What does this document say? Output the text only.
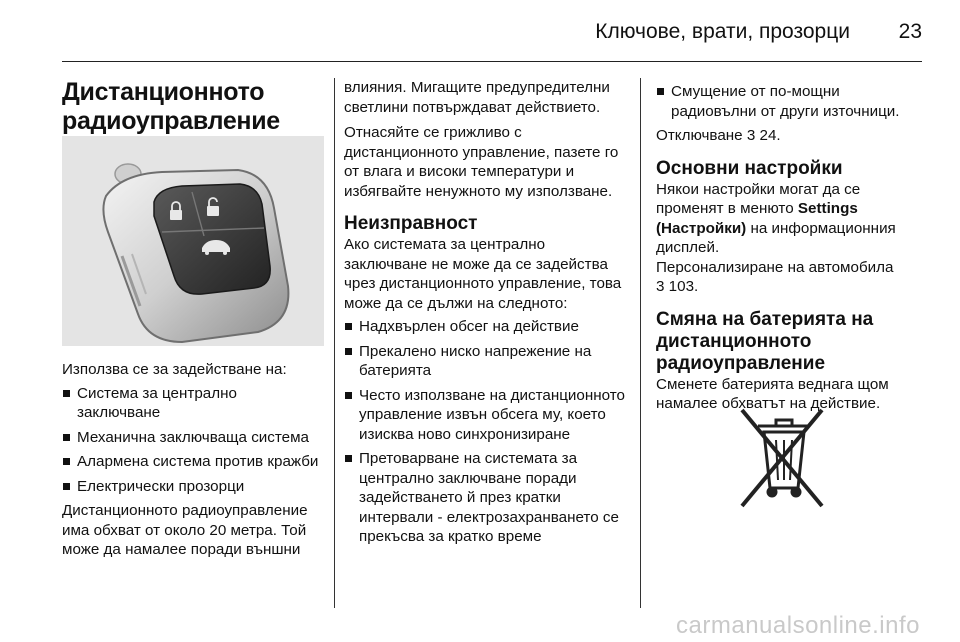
Ключове, врати, прозорци 23
Дистанционното радиоуправление

Използва се за задействане на:

Система за централно заключване
Механична заключваща система
Алармена система против кражби
Електрически прозорци

Дистанционното радиоуправление има обхват от около 20 метра. Той може да намалее поради външни

влияния. Мигащите предупредителни светлини потвърждават действието.

Отнасяйте се грижливо с дистанционното управление, пазете го от влага и високи температури и избягвайте ненужното му използване.

Неизправност

Ако системата за централно заключване не може да се задейства чрез дистанционното управление, това може да се дължи на следното:

Надхвърлен обсег на действие
Прекалено ниско напрежение на батерията
Често използване на дистанционното управление извън обсега му, което изисква ново синхронизиране
Претоварване на системата за централно заключване поради задействането й през кратки интервали - електрозахранването се прекъсва за кратко време
Смущение от по-мощни радиовълни от други източници.

Отключване 3 24.

Основни настройки

Някои настройки могат да се променят в менюто Settings (Настройки) на информационния дисплей.
Персонализиране на автомобила
3 103.

Смяна на батерията на дистанционното радиоуправление

Сменете батерията веднага щом намалее обхватът на действие.

carmanualsonline.info
